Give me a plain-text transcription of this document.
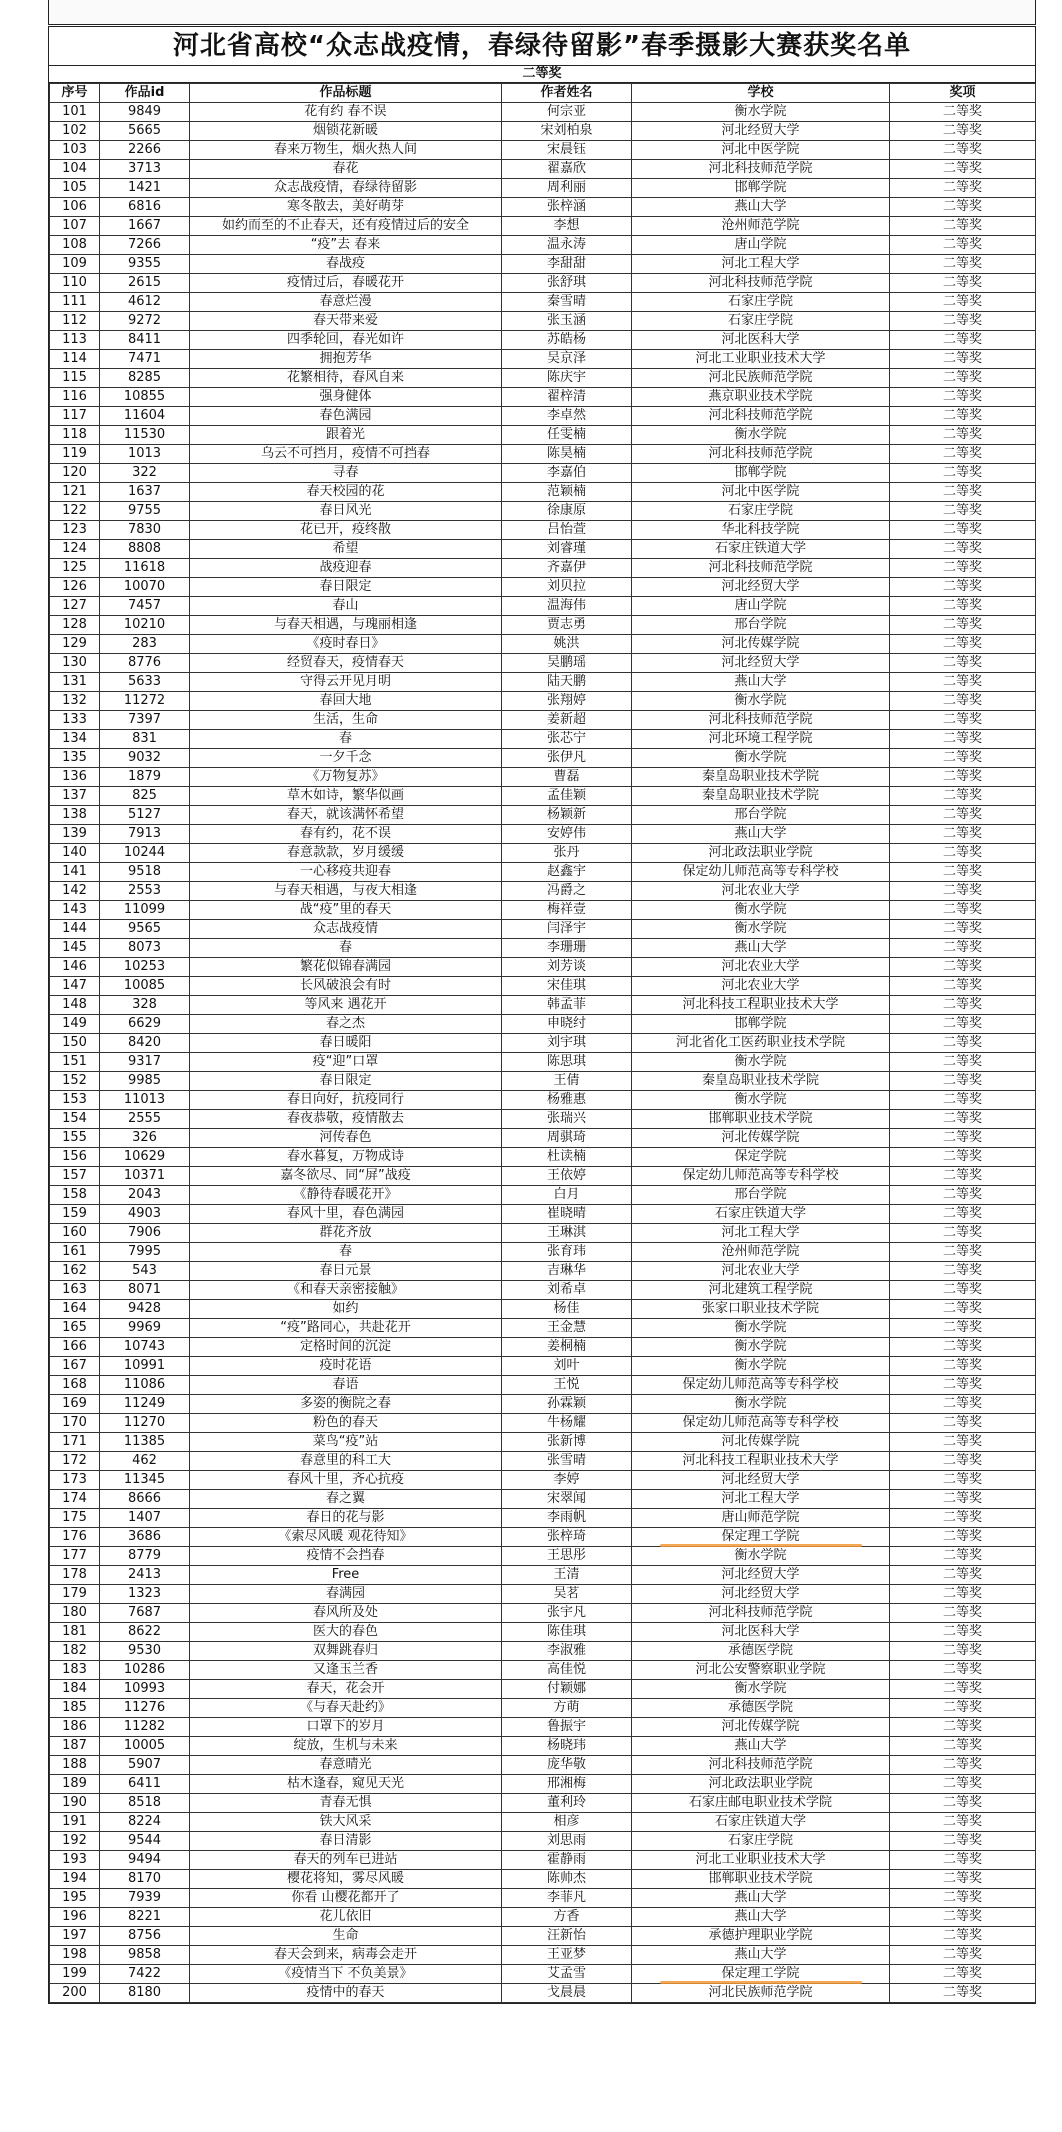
河北省高校“众志战疫情，春绿待留影”春季摄影大赛获奖名单
二等奖
序号	作品id	作品标题	作者姓名	学校	奖项
101	9849	花有约 春不误	何宗亚	衡水学院	二等奖
102	5665	烟锁花新暖	宋刘柏泉	河北经贸大学	二等奖
103	2266	春来万物生，烟火热人间	宋晨钰	河北中医学院	二等奖
104	3713	春花	翟嘉欣	河北科技师范学院	二等奖
105	1421	众志战疫情，春绿待留影	周利丽	邯郸学院	二等奖
106	6816	寒冬散去，美好萌芽	张梓涵	燕山大学	二等奖
107	1667	如约而至的不止春天，还有疫情过后的安全	李想	沧州师范学院	二等奖
108	7266	“疫”去 春来	温永涛	唐山学院	二等奖
109	9355	春战疫	李甜甜	河北工程大学	二等奖
110	2615	疫情过后，春暖花开	张舒琪	河北科技师范学院	二等奖
111	4612	春意烂漫	秦雪晴	石家庄学院	二等奖
112	9272	春天带来爱	张玉涵	石家庄学院	二等奖
113	8411	四季轮回，春光如许	苏皓杨	河北医科大学	二等奖
114	7471	拥抱芳华	吴京泽	河北工业职业技术大学	二等奖
115	8285	花繁相待，春风自来	陈庆宇	河北民族师范学院	二等奖
116	10855	强身健体	翟梓清	燕京职业技术学院	二等奖
117	11604	春色满园	李卓然	河北科技师范学院	二等奖
118	11530	跟着光	任雯楠	衡水学院	二等奖
119	1013	乌云不可挡月，疫情不可挡春	陈昊楠	河北科技师范学院	二等奖
120	322	寻春	李嘉伯	邯郸学院	二等奖
121	1637	春天校园的花	范颖楠	河北中医学院	二等奖
122	9755	春日风光	徐康原	石家庄学院	二等奖
123	7830	花已开，疫终散	吕怡萱	华北科技学院	二等奖
124	8808	希望	刘睿瑾	石家庄铁道大学	二等奖
125	11618	战疫迎春	齐嘉伊	河北科技师范学院	二等奖
126	10070	春日限定	刘贝拉	河北经贸大学	二等奖
127	7457	春山	温海伟	唐山学院	二等奖
128	10210	与春天相遇，与瑰丽相逢	贾志勇	邢台学院	二等奖
129	283	《疫时春日》	姚洪	河北传媒学院	二等奖
130	8776	经贸春天，疫情春天	吴鹏瑶	河北经贸大学	二等奖
131	5633	守得云开见月明	陆天鹏	燕山大学	二等奖
132	11272	春回大地	张翔婷	衡水学院	二等奖
133	7397	生活，生命	姜新超	河北科技师范学院	二等奖
134	831	春	张芯宁	河北环境工程学院	二等奖
135	9032	一夕千念	张伊凡	衡水学院	二等奖
136	1879	《万物复苏》	曹磊	秦皇岛职业技术学院	二等奖
137	825	草木如诗，繁华似画	孟佳颖	秦皇岛职业技术学院	二等奖
138	5127	春天，就该满怀希望	杨颖新	邢台学院	二等奖
139	7913	春有约，花不误	安婷伟	燕山大学	二等奖
140	10244	春意款款，岁月缓缓	张丹	河北政法职业学院	二等奖
141	9518	一心移疫共迎春	赵鑫宇	保定幼儿师范高等专科学校	二等奖
142	2553	与春天相遇，与夜大相逢	冯爵之	河北农业大学	二等奖
143	11099	战“疫”里的春天	梅祥壹	衡水学院	二等奖
144	9565	众志战疫情	闫泽宇	衡水学院	二等奖
145	8073	春	李珊珊	燕山大学	二等奖
146	10253	繁花似锦春满园	刘芳谈	河北农业大学	二等奖
147	10085	长风破浪会有时	宋佳琪	河北农业大学	二等奖
148	328	等风来 遇花开	韩孟菲	河北科技工程职业技术大学	二等奖
149	6629	春之杰	申晓纣	邯郸学院	二等奖
150	8420	春日暖阳	刘宇琪	河北省化工医药职业技术学院	二等奖
151	9317	疫“迎”口罩	陈思琪	衡水学院	二等奖
152	9985	春日限定	王倩	秦皇岛职业技术学院	二等奖
153	11013	春日向好，抗疫同行	杨雅惠	衡水学院	二等奖
154	2555	春夜恭敬，疫情散去	张瑞兴	邯郸职业技术学院	二等奖
155	326	河传春色	周骐琦	河北传媒学院	二等奖
156	10629	春水暮复，万物成诗	杜读楠	保定学院	二等奖
157	10371	嘉冬欲尽、同“屏”战疫	王依婷	保定幼儿师范高等专科学校	二等奖
158	2043	《静待春暖花开》	白月	邢台学院	二等奖
159	4903	春风十里，春色满园	崔晓晴	石家庄铁道大学	二等奖
160	7906	群花齐放	王琳淇	河北工程大学	二等奖
161	7995	春	张育玮	沧州师范学院	二等奖
162	543	春日元景	吉琳华	河北农业大学	二等奖
163	8071	《和春天亲密接触》	刘希卓	河北建筑工程学院	二等奖
164	9428	如约	杨佳	张家口职业技术学院	二等奖
165	9969	“疫”路同心，共赴花开	王金慧	衡水学院	二等奖
166	10743	定格时间的沉淀	姜桐楠	衡水学院	二等奖
167	10991	疫时花语	刘叶	衡水学院	二等奖
168	11086	春语	王悦	保定幼儿师范高等专科学校	二等奖
169	11249	多姿的衡院之春	孙霖颖	衡水学院	二等奖
170	11270	粉色的春天	牛杨耀	保定幼儿师范高等专科学校	二等奖
171	11385	菜鸟“疫”站	张新博	河北传媒学院	二等奖
172	462	春意里的科工大	张雪晴	河北科技工程职业技术大学	二等奖
173	11345	春风十里，齐心抗疫	李婷	河北经贸大学	二等奖
174	8666	春之翼	宋翠闻	河北工程大学	二等奖
175	1407	春日的花与影	李雨帆	唐山师范学院	二等奖
176	3686	《索尽风暖 观花待知》	张梓琦	保定理工学院	二等奖
177	8779	疫情不会挡春	王思彤	衡水学院	二等奖
178	2413	Free	王清	河北经贸大学	二等奖
179	1323	春满园	吴茗	河北经贸大学	二等奖
180	7687	春风所及处	张宇凡	河北科技师范学院	二等奖
181	8622	医大的春色	陈佳琪	河北医科大学	二等奖
182	9530	双舞跳春归	李淑雅	承德医学院	二等奖
183	10286	又逢玉兰香	高佳悦	河北公安警察职业学院	二等奖
184	10993	春天，花会开	付颖娜	衡水学院	二等奖
185	11276	《与春天赴约》	方萌	承德医学院	二等奖
186	11282	口罩下的岁月	鲁振宇	河北传媒学院	二等奖
187	10005	绽放，生机与未来	杨晓玮	燕山大学	二等奖
188	5907	春意晴光	庞华敬	河北科技师范学院	二等奖
189	6411	枯木逢春，窥见天光	邢湘梅	河北政法职业学院	二等奖
190	8518	青春无惧	董利玲	石家庄邮电职业技术学院	二等奖
191	8224	铁大风采	相彦	石家庄铁道大学	二等奖
192	9544	春日清影	刘思雨	石家庄学院	二等奖
193	9494	春天的列车已进站	霍静雨	河北工业职业技术大学	二等奖
194	8170	樱花将知，雾尽风暖	陈帅杰	邯郸职业技术学院	二等奖
195	7939	你看 山樱花都开了	李菲凡	燕山大学	二等奖
196	8221	花儿依旧	方香	燕山大学	二等奖
197	8756	生命	汪新怡	承德护理职业学院	二等奖
198	9858	春天会到来，病毒会走开	王亚梦	燕山大学	二等奖
199	7422	《疫情当下 不负美景》	艾孟雪	保定理工学院	二等奖
200	8180	疫情中的春天	戈晨晨	河北民族师范学院	二等奖
